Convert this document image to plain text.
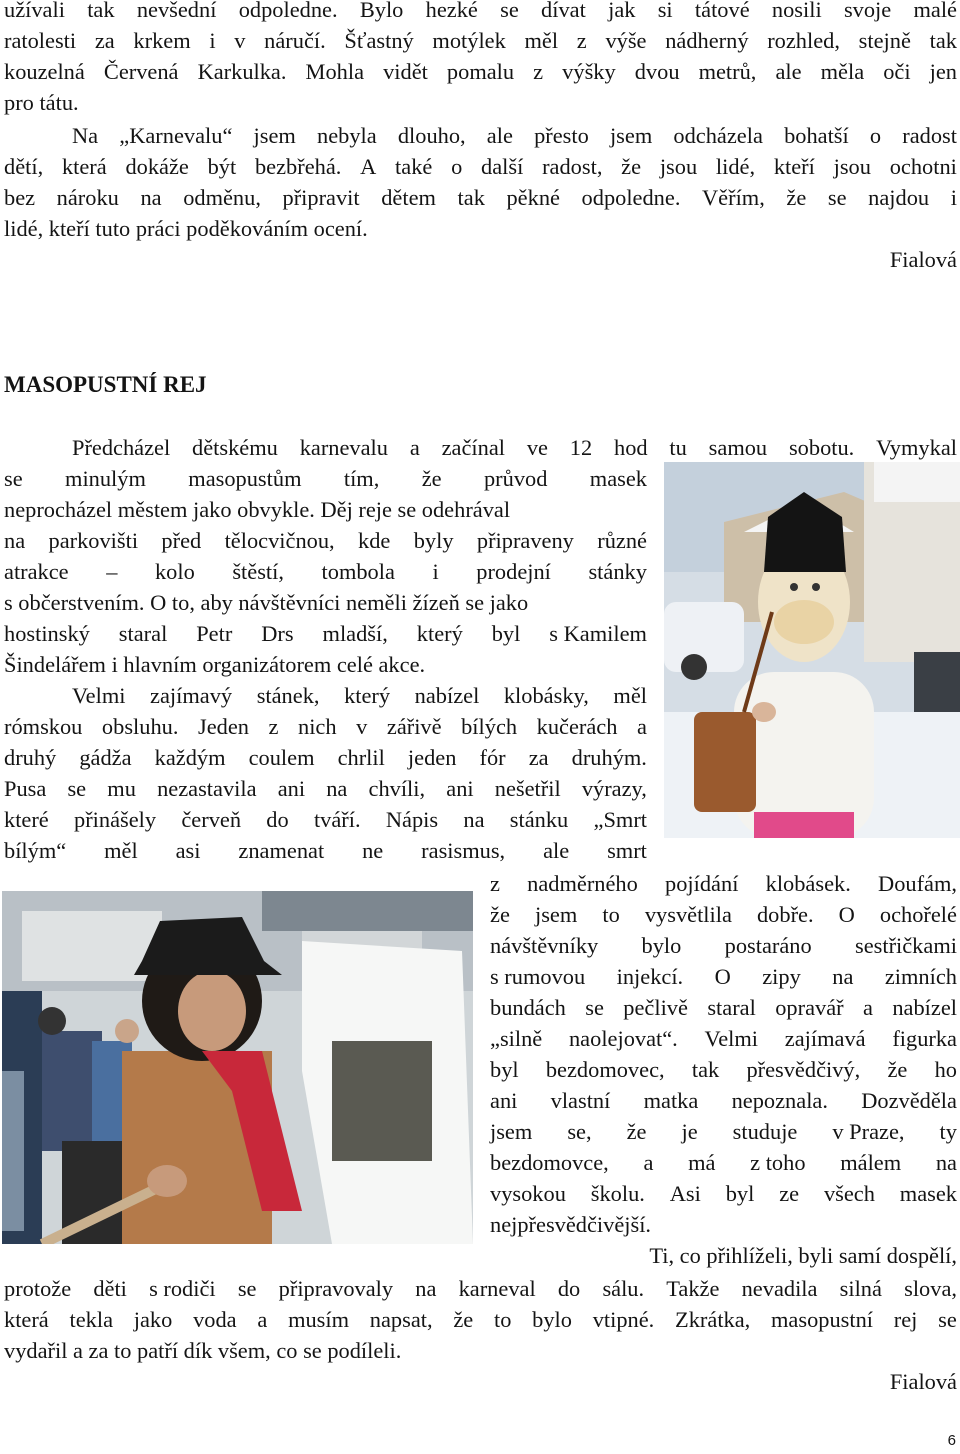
užívali tak nevšední odpoledne. Bylo hezké se dívat jak si tátové nosili svoje malé
ratolesti za krkem i v náručí. Šťastný motýlek měl z výše nádherný rozhled, stejně tak
kouzelná Červená Karkulka. Mohla vidět pomalu z výšky dvou metrů, ale měla oči jen
pro tátu.
Na „Karnevalu“ jsem nebyla dlouho, ale přesto jsem odcházela bohatší o radost
dětí, která dokáže být bezbřehá. A také o další radost, že jsou lidé, kteří jsou ochotni
bez nároku na odměnu, připravit dětem tak pěkné odpoledne. Věřím, že se najdou i
lidé, kteří tuto práci poděkováním ocení.
Fialová
MASOPUSTNÍ REJ
Předcházel dětskému karnevalu a začínal ve 12 hod tu samou sobotu. Vymykal
se minulým masopustům tím, že průvod masek
neprocházel městem jako obvykle. Děj reje se odehrával
na parkovišti před tělocvičnou, kde byly připraveny různé
atrakce – kolo štěstí, tombola i prodejní stánky
s občerstvením. O to, aby návštěvníci neměli žízeň se jako
hostinský staral Petr Drs mladší, který byl s Kamilem
Šindelářem i hlavním organizátorem celé akce.
Velmi zajímavý stánek, který nabízel klobásky, měl
rómskou obsluhu. Jeden z nich v zářivě bílých kučerách a
druhý gádža každým coulem chrlil jeden fór za druhým.
Pusa se mu nezastavila ani na chvíli, ani nešetřil výrazy,
které přinášely červeň do tváří. Nápis na stánku „Smrt
bílým“ měl asi znamenat ne rasismus, ale smrt
z nadměrného pojídání klobásek. Doufám,
že jsem to vysvětlila dobře. O ochořelé
návštěvníky bylo postaráno sestřičkami
s rumovou injekcí. O zipy na zimních
bundách se pečlivě staral opravář a nabízel
„silně naolejovat“. Velmi zajímavá figurka
byl bezdomovec, tak přesvědčivý, že ho
ani vlastní matka nepoznala. Dozvěděla
jsem se, že je studuje v Praze, ty
bezdomovce, a má z toho málem na
vysokou školu. Asi byl ze všech masek
nejpřesvědčivější.
Ti, co přihlíželi, byli samí dospělí,
protože děti s rodiči se připravovaly na karneval do sálu. Takže nevadila silná slova,
která tekla jako voda a musím napsat, že to bylo vtipné. Zkrátka, masopustní rej se
vydařil a za to patří dík všem, co se podíleli.
Fialová
6
